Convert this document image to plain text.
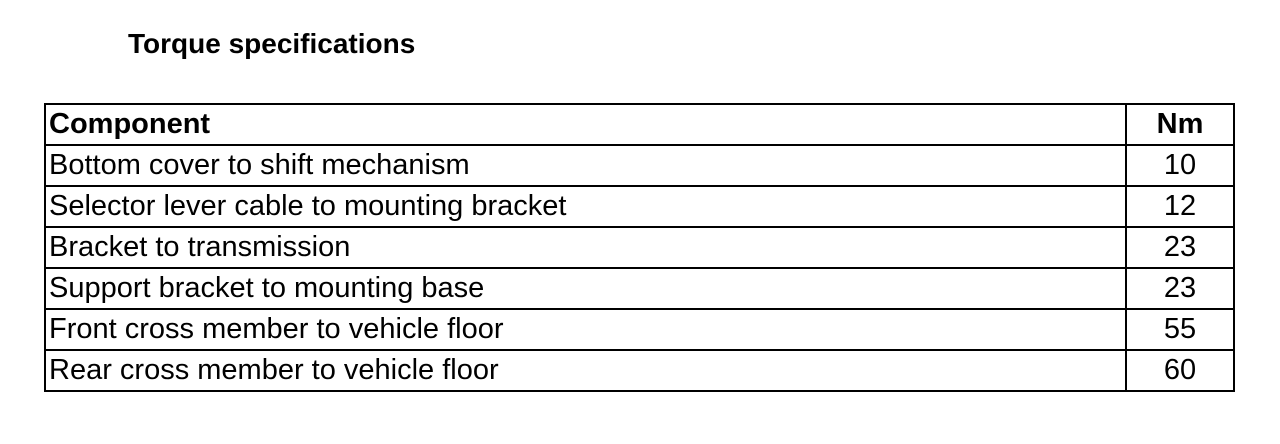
Torque specifications
Component	Nm
Bottom cover to shift mechanism	10
Selector lever cable to mounting bracket	12
Bracket to transmission	23
Support bracket to mounting base	23
Front cross member to vehicle floor	55
Rear cross member to vehicle floor	60
